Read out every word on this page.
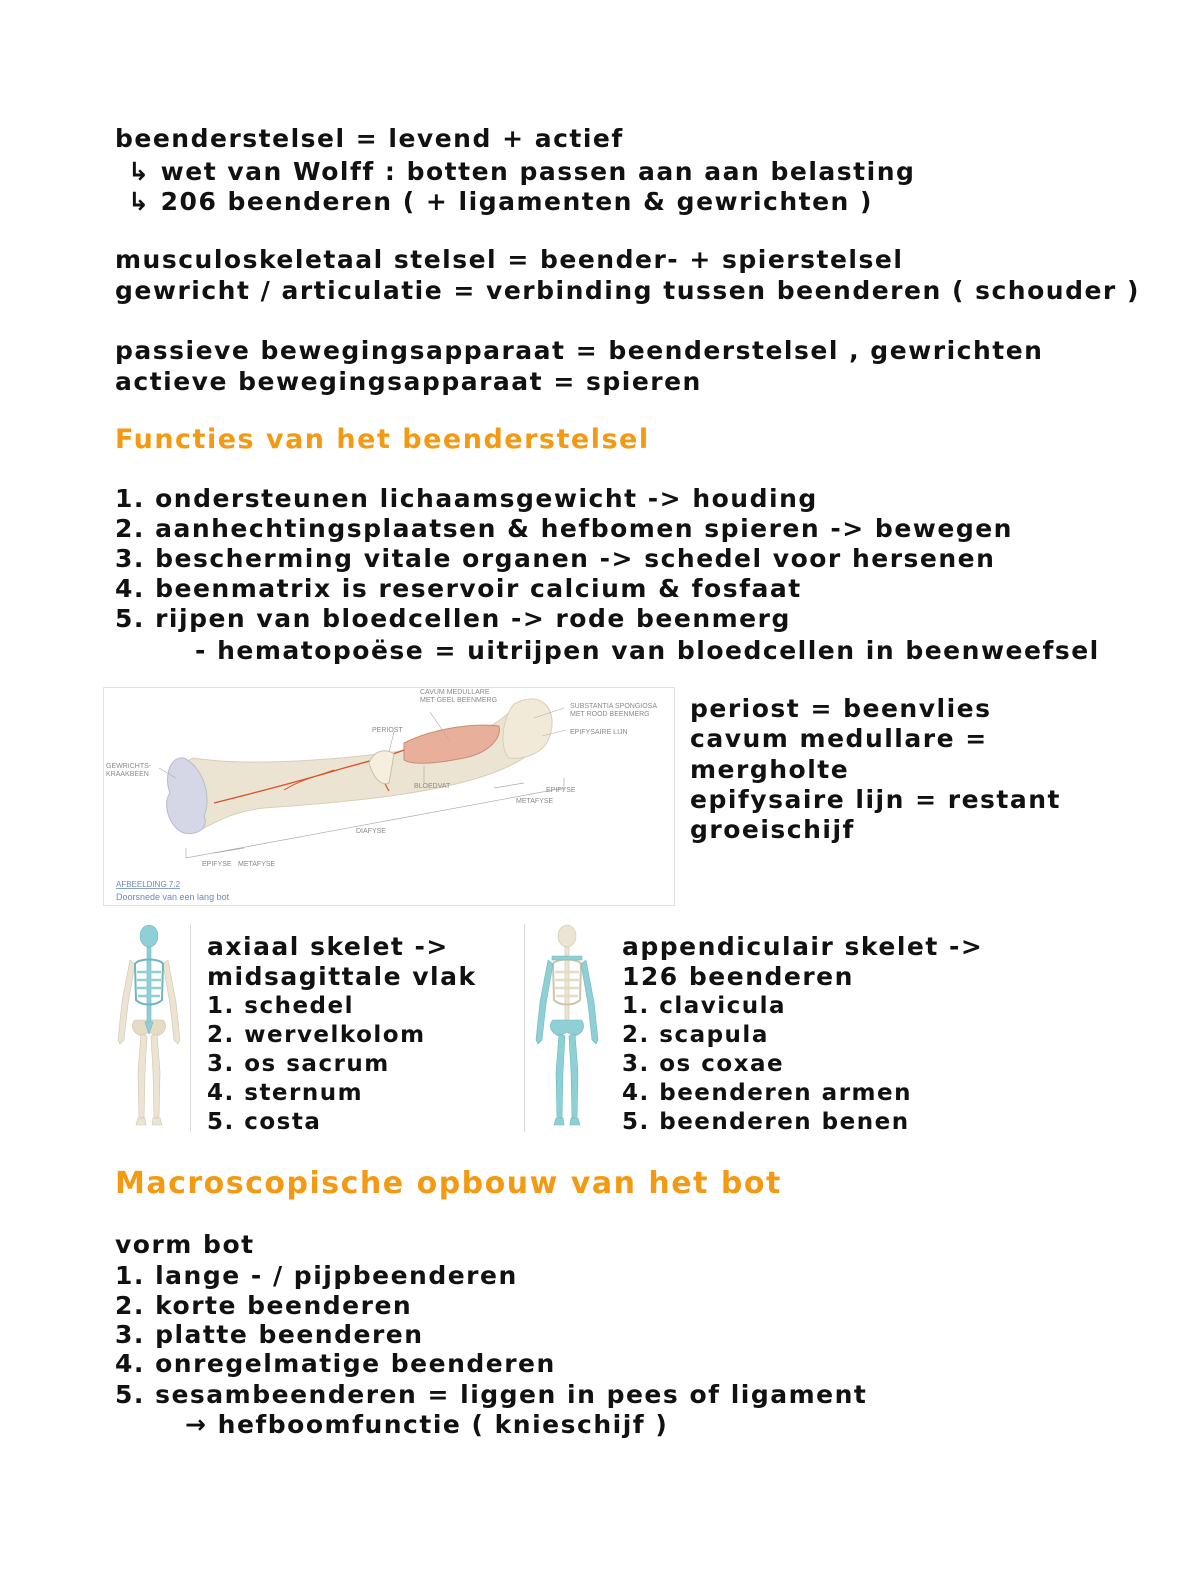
beenderstelsel = levend + actief
↳ wet van Wolff : botten passen aan aan belasting
↳ 206 beenderen ( + ligamenten & gewrichten )
musculoskeletaal stelsel = beender- + spierstelsel
gewricht / articulatie = verbinding tussen beenderen ( schouder )
passieve bewegingsapparaat = beenderstelsel , gewrichten
actieve bewegingsapparaat = spieren
Functies van het beenderstelsel
1. ondersteunen lichaamsgewicht -> houding
2. aanhechtingsplaatsen & hefbomen spieren -> bewegen
3. bescherming vitale organen -> schedel voor hersenen
4. beenmatrix is reservoir calcium & fosfaat
5. rijpen van bloedcellen -> rode beenmerg
- hematopoëse = uitrijpen van bloedcellen in beenweefsel
CAVUM MEDULLARE
MET GEEL BEENMERG
SUBSTANTIA SPONGIOSA
MET ROOD BEENMERG
EPIFYSAIRE LIJN
PERIOST
GEWRICHTS-
KRAAKBEEN
BLOEDVAT
EPIFYSE
METAFYSE
DIAFYSE
EPIFYSE METAFYSE
AFBEELDING 7.2
Doorsnede van een lang bot
periost = beenvlies
cavum medullare =
mergholte
epifysaire lijn = restant
groeischijf
axiaal skelet ->
midsagittale vlak
1. schedel
2. wervelkolom
3. os sacrum
4. sternum
5. costa
appendiculair skelet ->
126 beenderen
1. clavicula
2. scapula
3. os coxae
4. beenderen armen
5. beenderen benen
Macroscopische opbouw van het bot
vorm bot
1. lange - / pijpbeenderen
2. korte beenderen
3. platte beenderen
4. onregelmatige beenderen
5. sesambeenderen = liggen in pees of ligament
→ hefboomfunctie ( knieschijf )
